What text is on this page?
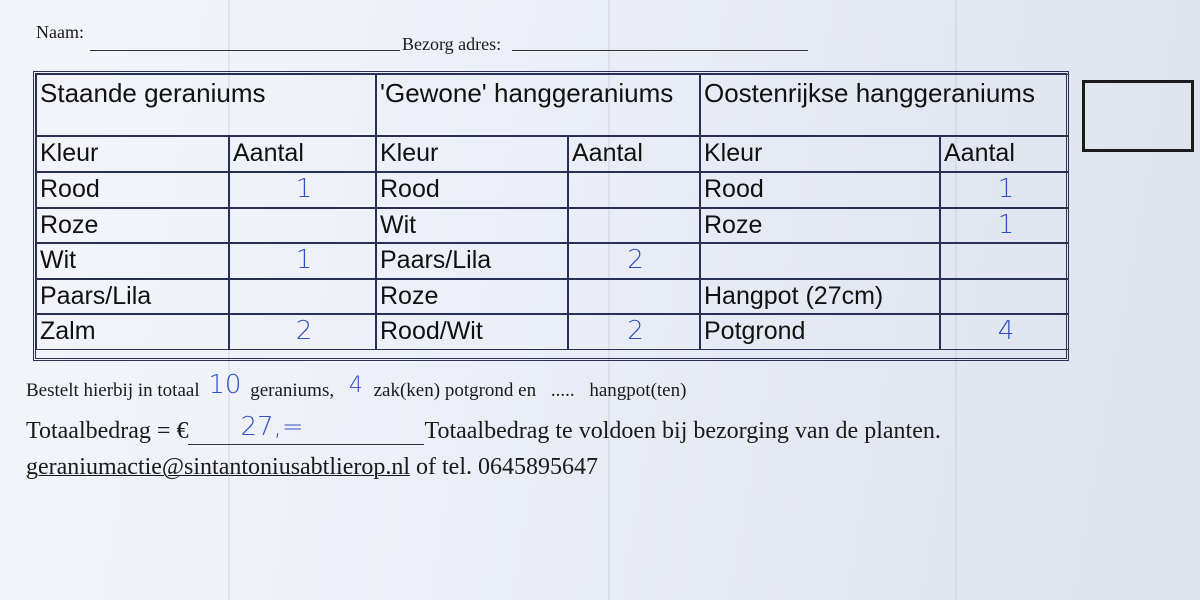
Naam:
Bezorg adres:
Staande geraniums
Kleur	Aantal
Rood	1
Roze
Wit	1
Paars/Lila
Zalm	2
'Gewone' hanggeraniums
Kleur	Aantal
Rood
Wit
Paars/Lila	2
Roze
Rood/Wit	2
Oostenrijkse hanggeraniums
Kleur	Aantal
Rood	1
Roze	1
Hangpot (27cm)
Potgrond	4
Bestelt hierbij in totaal 10 geraniums, 4 zak(ken) potgrond en ..... hangpot(ten)
Totaalbedrag = € 27,=	Totaalbedrag te voldoen bij bezorging van de planten.
geraniumactie@sintantoniusabtlierop.nl of tel. 0645895647
